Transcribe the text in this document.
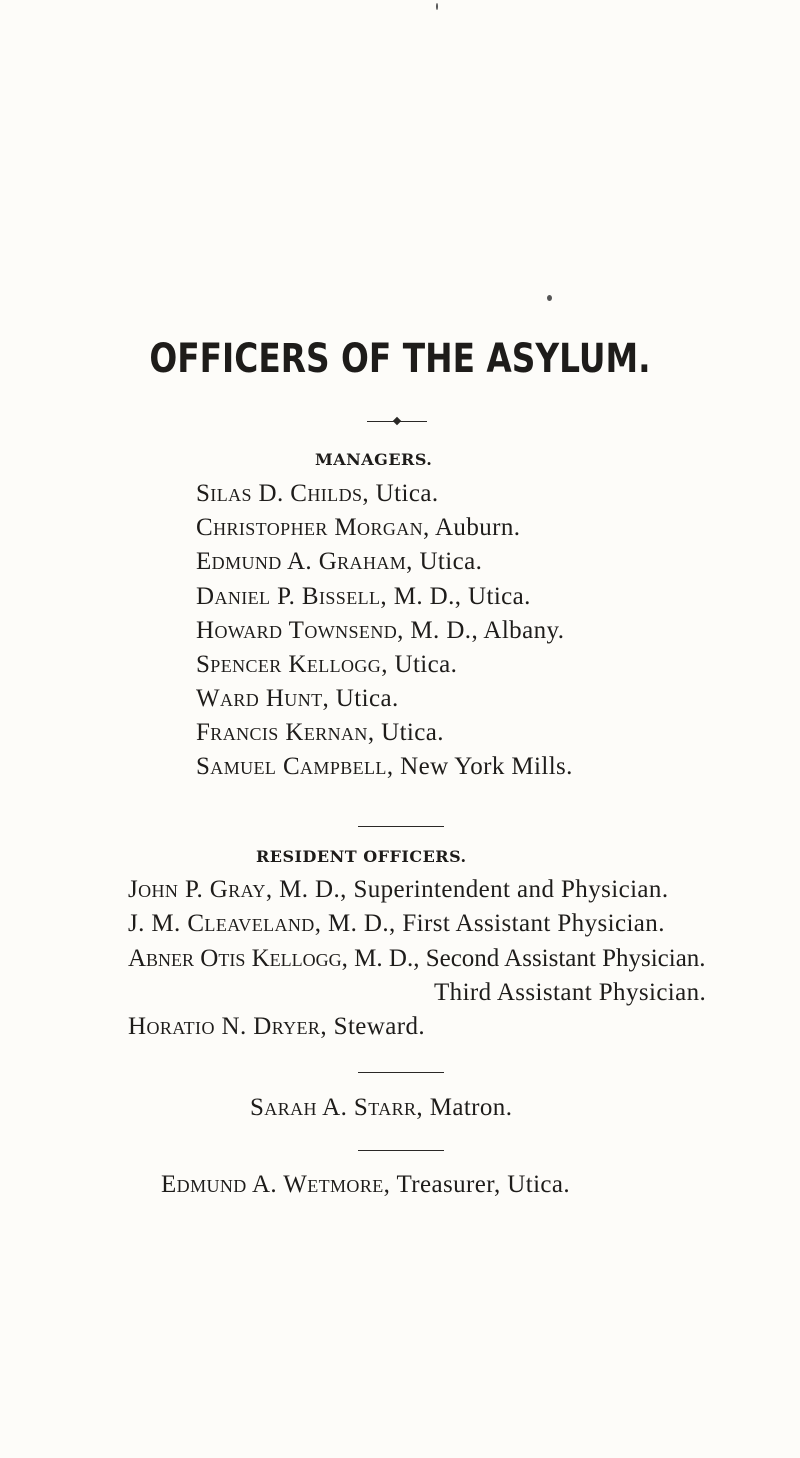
OFFICERS OF THE ASYLUM.
MANAGERS.
Silas D. Childs, Utica.
Christopher Morgan, Auburn.
Edmund A. Graham, Utica.
Daniel P. Bissell, M. D., Utica.
Howard Townsend, M. D., Albany.
Spencer Kellogg, Utica.
Ward Hunt, Utica.
Francis Kernan, Utica.
Samuel Campbell, New York Mills.
RESIDENT OFFICERS.
John P. Gray, M. D., Superintendent and Physician.
J. M. Cleaveland, M. D., First Assistant Physician.
Abner Otis Kellogg, M. D., Second Assistant Physician.
Third Assistant Physician.
Horatio N. Dryer, Steward.
Sarah A. Starr, Matron.
Edmund A. Wetmore, Treasurer, Utica.
